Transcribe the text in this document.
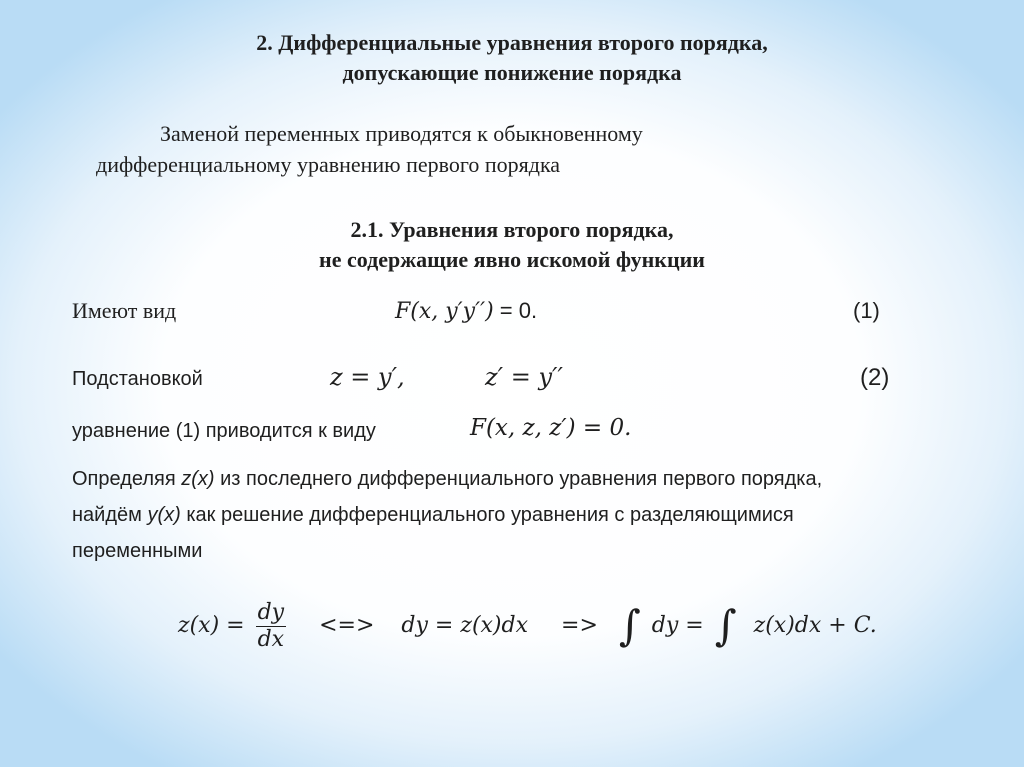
2. Дифференциальные уравнения второго порядка,
допускающие понижение порядка
Заменой переменных приводятся к обыкновенному
дифференциальному уравнению первого порядка
2.1. Уравнения второго порядка,
не содержащие явно искомой функции
Имеют вид	F(x, y′y′′) = 0.	(1)
Подстановкой	z = y′,	z′ = y′′	(2)
уравнение (1) приводится к виду	F(x, z, z′) = 0.
Определяя z(x) из последнего дифференциального уравнения первого порядка,
найдём y(x) как решение дифференциального уравнения с разделяющимися
переменными
$z(x) = \frac{dy}{dx}$ <=> dy = z(x)dx => ∫ dy = ∫ z(x)dx + C.
